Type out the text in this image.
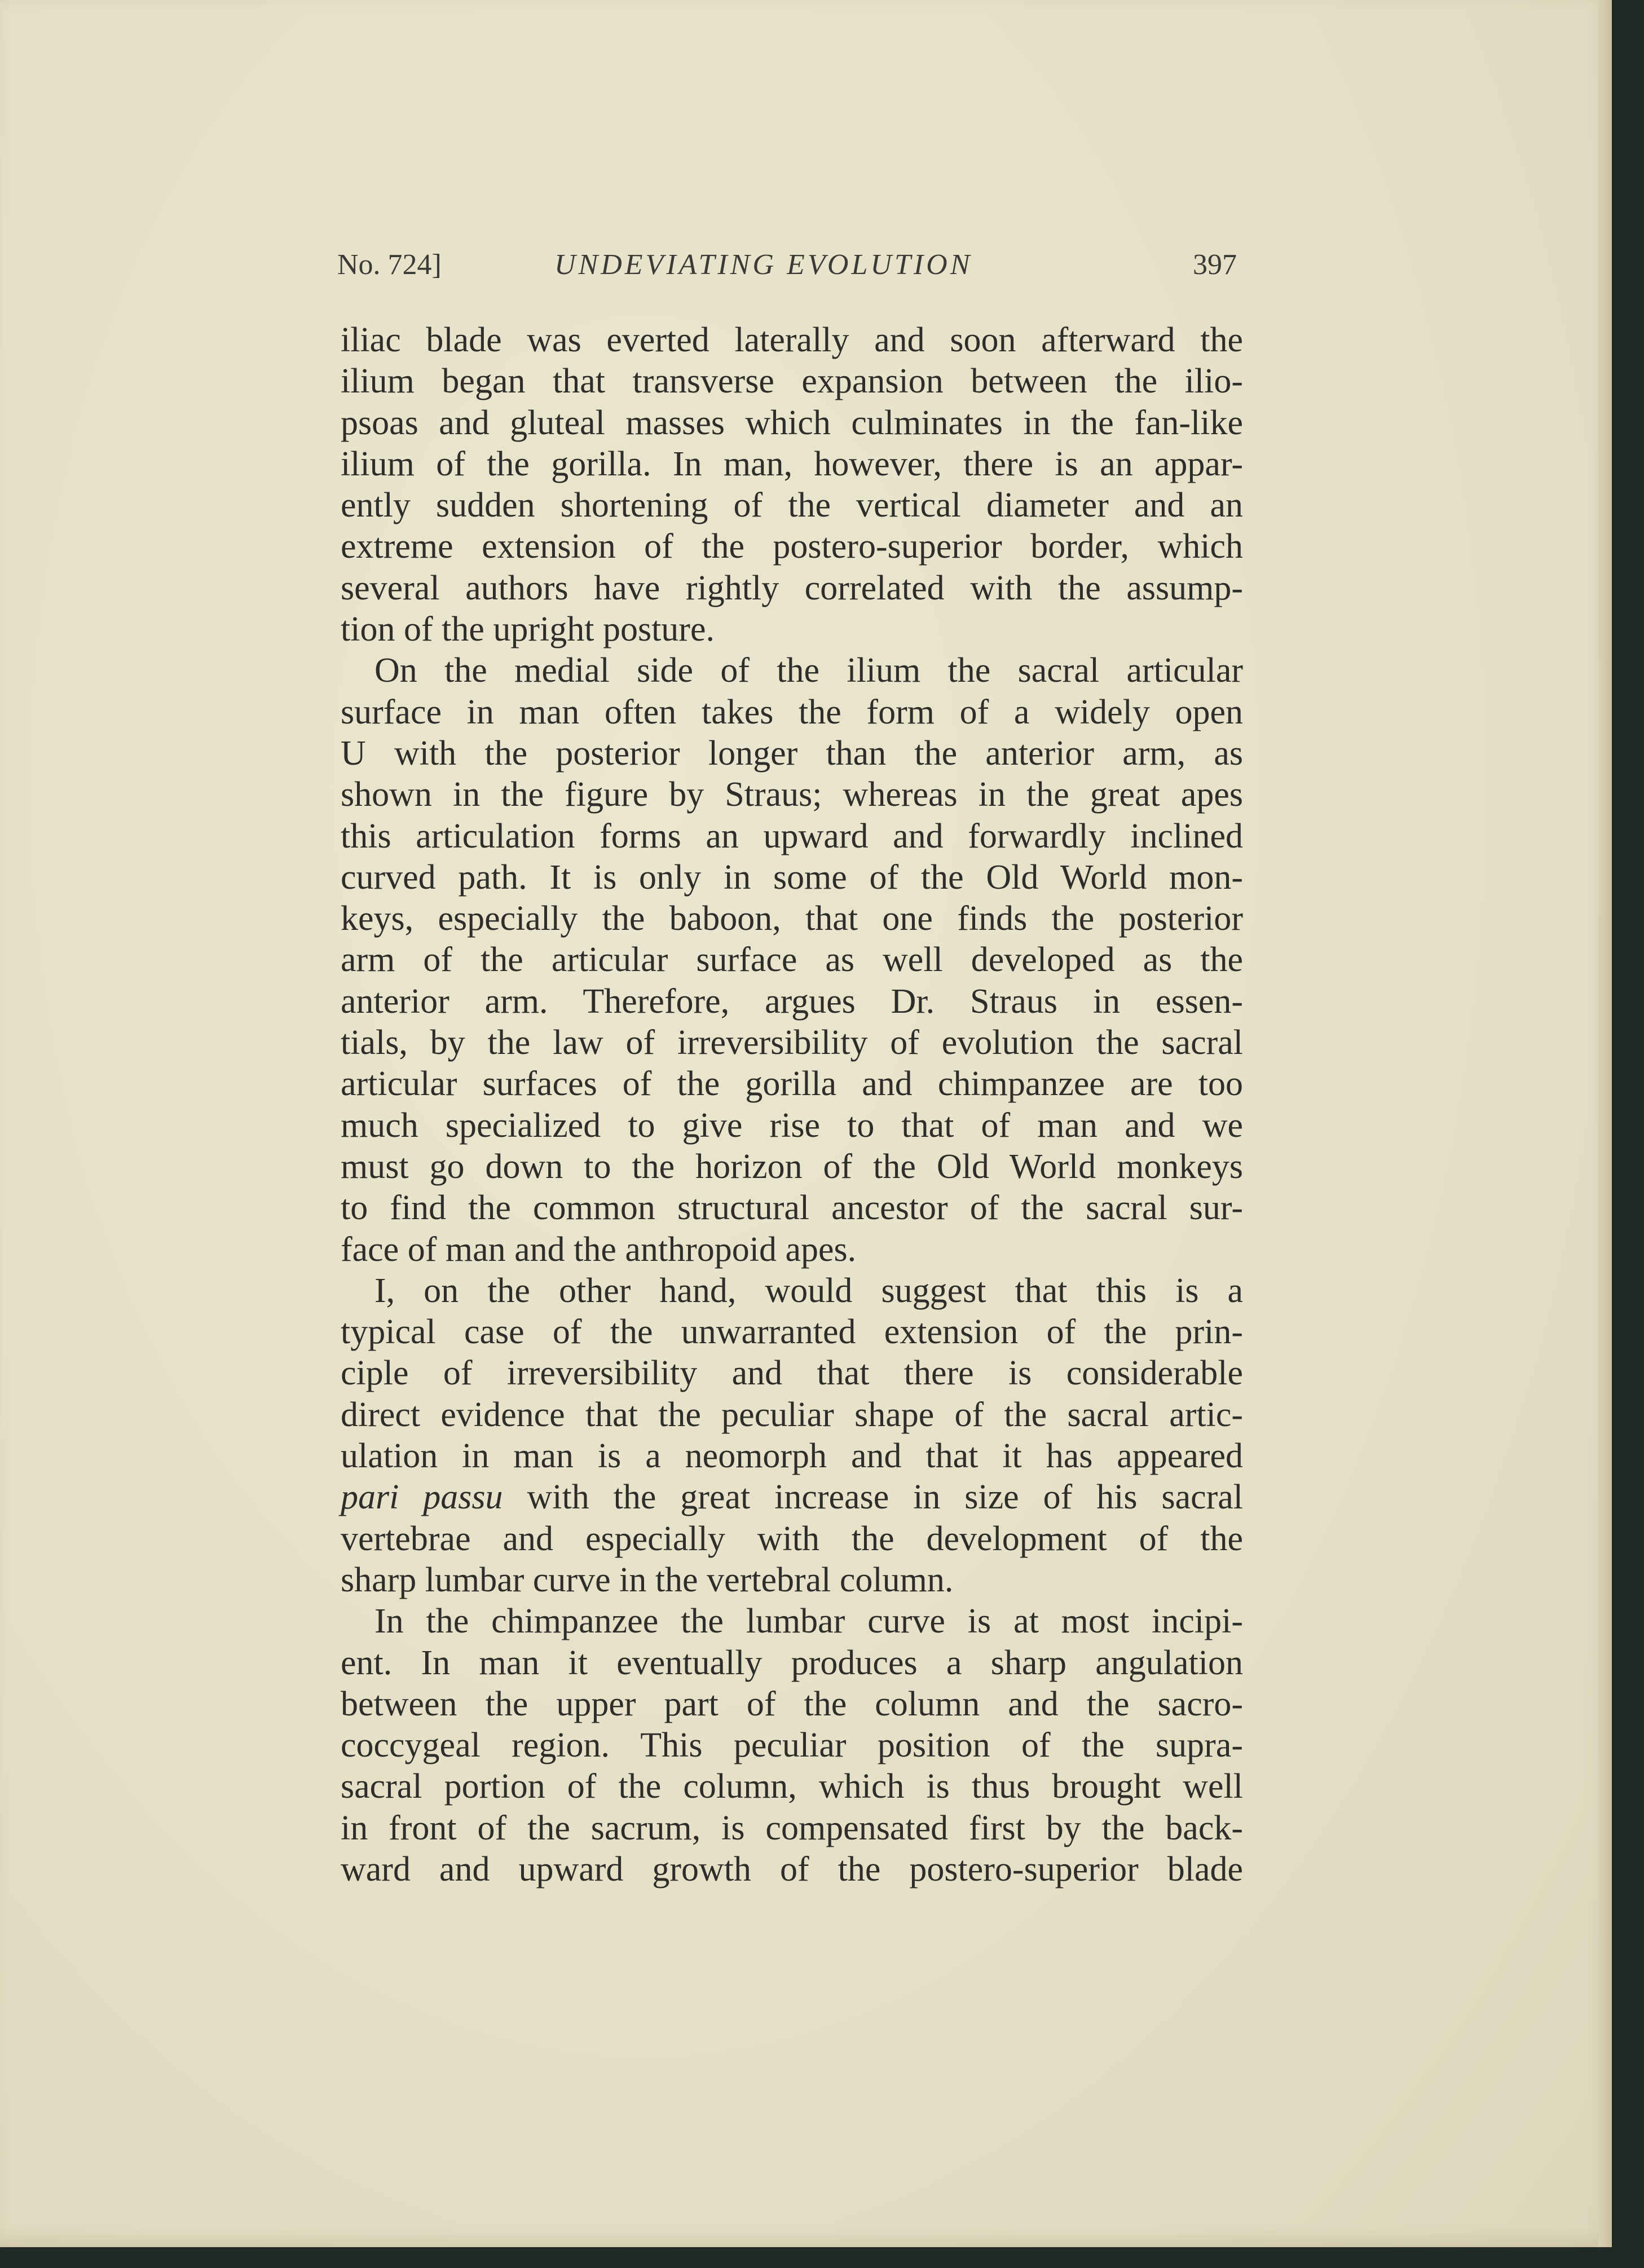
No. 724]	UNDEVIATING EVOLUTION	397

iliac blade was everted laterally and soon afterward the
ilium began that transverse expansion between the ilio-
psoas and gluteal masses which culminates in the fan-like
ilium of the gorilla. In man, however, there is an appar-
ently sudden shortening of the vertical diameter and an
extreme extension of the postero-superior border, which
several authors have rightly correlated with the assump-
tion of the upright posture.

On the medial side of the ilium the sacral articular
surface in man often takes the form of a widely open
U with the posterior longer than the anterior arm, as
shown in the figure by Straus; whereas in the great apes
this articulation forms an upward and forwardly inclined
curved path. It is only in some of the Old World mon-
keys, especially the baboon, that one finds the posterior
arm of the articular surface as well developed as the
anterior arm. Therefore, argues Dr. Straus in essen-
tials, by the law of irreversibility of evolution the sacral
articular surfaces of the gorilla and chimpanzee are too
much specialized to give rise to that of man and we
must go down to the horizon of the Old World monkeys
to find the common structural ancestor of the sacral sur-
face of man and the anthropoid apes.

I, on the other hand, would suggest that this is a
typical case of the unwarranted extension of the prin-
ciple of irreversibility and that there is considerable
direct evidence that the peculiar shape of the sacral artic-
ulation in man is a neomorph and that it has appeared
pari passu with the great increase in size of his sacral
vertebrae and especially with the development of the
sharp lumbar curve in the vertebral column.

In the chimpanzee the lumbar curve is at most incipi-
ent. In man it eventually produces a sharp angulation
between the upper part of the column and the sacro-
coccygeal region. This peculiar position of the supra-
sacral portion of the column, which is thus brought well
in front of the sacrum, is compensated first by the back-
ward and upward growth of the postero-superior blade
